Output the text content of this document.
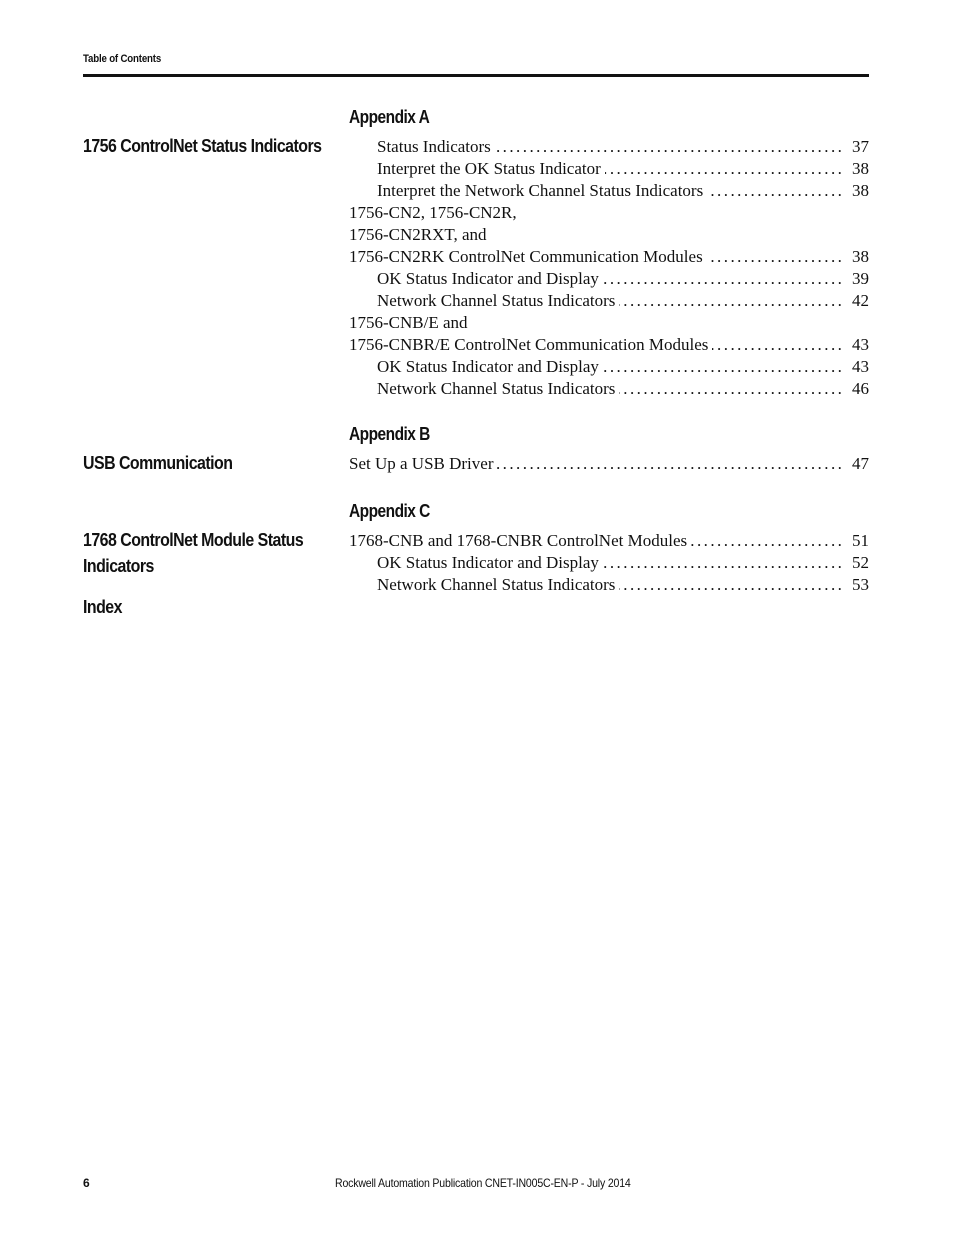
Table of Contents
Appendix A
1756 ControlNet Status Indicators	Status Indicators . . .	37
Interpret the OK Status Indicator . . .	38
Interpret the Network Channel Status Indicators . . .	38
1756-CN2, 1756-CN2R,
1756-CN2RXT, and
1756-CN2RK ControlNet Communication Modules . . .	38
OK Status Indicator and Display . . .	39
Network Channel Status Indicators . . .	42
1756-CNB/E and
1756-CNBR/E ControlNet Communication Modules . . .	43
OK Status Indicator and Display . . .	43
Network Channel Status Indicators . . .	46
Appendix B
USB Communication	Set Up a USB Driver . . .	47
Appendix C
1768 ControlNet Module Status
Indicators
1768-CNB and 1768-CNBR ControlNet Modules . . .	51
OK Status Indicator and Display . . .	52
Network Channel Status Indicators . . .	53
Index
6	Rockwell Automation Publication CNET-IN005C-EN-P - July 2014
